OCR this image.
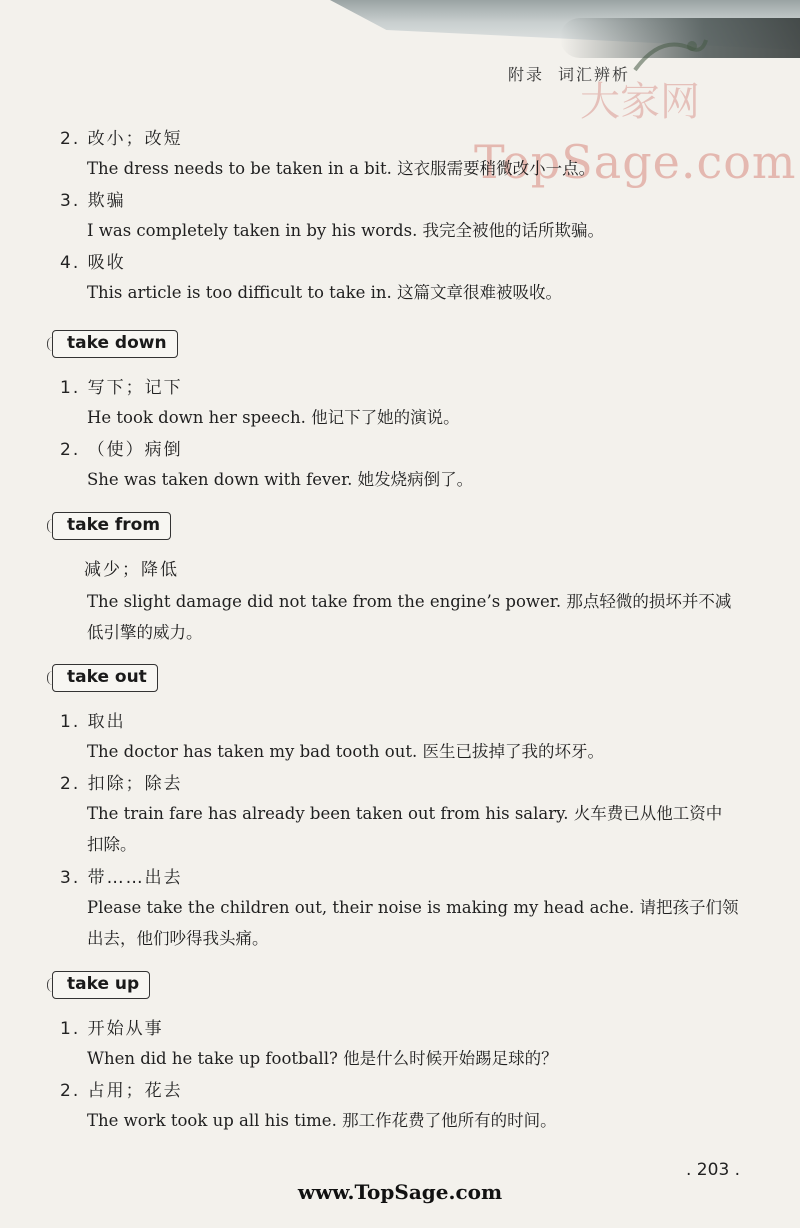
附录 词汇辨析
大家网
TopSage.com
2. 改小；改短
The dress needs to be taken in a bit. 这衣服需要稍微改小一点。
3. 欺骗
I was completely taken in by his words. 我完全被他的话所欺骗。
4. 吸收
This article is too difficult to take in. 这篇文章很难被吸收。
take down
1. 写下；记下
He took down her speech. 他记下了她的演说。
2. （使）病倒
She was taken down with fever. 她发烧病倒了。
take from
减少；降低
The slight damage did not take from the engine’s power. 那点轻微的损坏并不减
低引擎的威力。
take out
1. 取出
The doctor has taken my bad tooth out. 医生已拔掉了我的坏牙。
2. 扣除；除去
The train fare has already been taken out from his salary. 火车费已从他工资中
扣除。
3. 带……出去
Please take the children out, their noise is making my head ache. 请把孩子们领
出去，他们吵得我头痛。
take up
1. 开始从事
When did he take up football? 他是什么时候开始踢足球的？
2. 占用；花去
The work took up all his time. 那工作花费了他所有的时间。
. 203 .
www.TopSage.com
